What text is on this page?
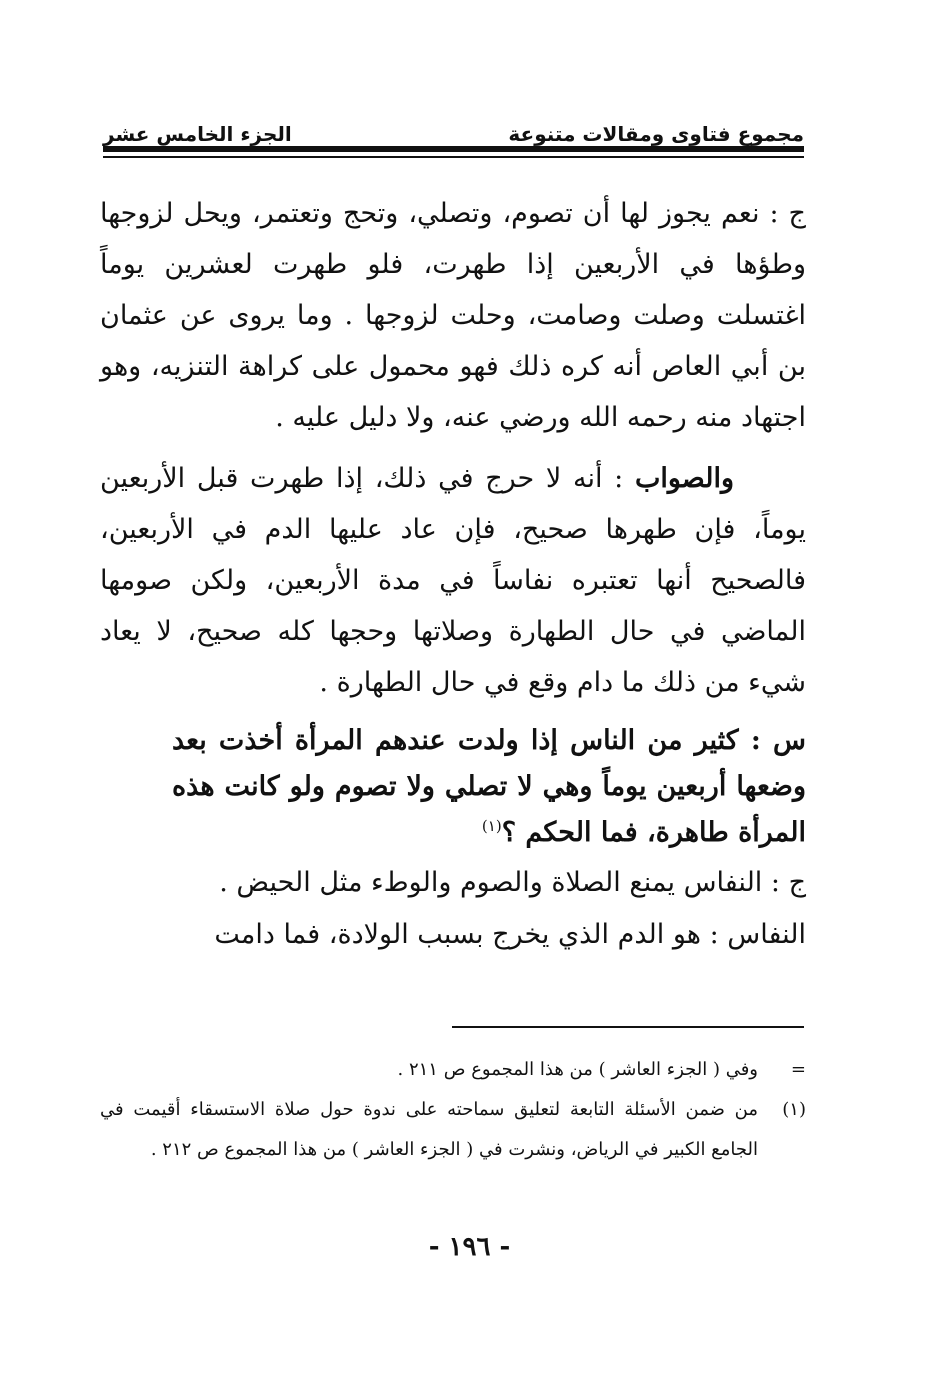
مجموع فتاوى ومقالات متنوعة
الجزء الخامس عشر

ج : نعم يجوز لها أن تصوم، وتصلي، وتحج وتعتمر، ويحل لزوجها وطؤها في الأربعين إذا طهرت، فلو طهرت لعشرين يوماً اغتسلت وصلت وصامت، وحلت لزوجها . وما يروى عن عثمان بن أبي العاص أنه كره ذلك فهو محمول على كراهة التنزيه، وهو اجتهاد منه رحمه الله ورضي عنه، ولا دليل عليه .

والصواب : أنه لا حرج في ذلك، إذا طهرت قبل الأربعين يوماً، فإن طهرها صحيح، فإن عاد عليها الدم في الأربعين، فالصحيح أنها تعتبره نفاساً في مدة الأربعين، ولكن صومها الماضي في حال الطهارة وصلاتها وحجها كله صحيح، لا يعاد شيء من ذلك ما دام وقع في حال الطهارة .

س : كثير من الناس إذا ولدت عندهم المرأة أخذت بعد وضعها أربعين يوماً وهي لا تصلي ولا تصوم ولو كانت هذه المرأة طاهرة، فما الحكم ؟$^{(١)}$

ج : النفاس يمنع الصلاة والصوم والوطء مثل الحيض .

النفاس : هو الدم الذي يخرج بسبب الولادة، فما دامت

=
وفي ( الجزء العاشر ) من هذا المجموع ص ٢١١ .
(١)
من ضمن الأسئلة التابعة لتعليق سماحته على ندوة حول صلاة الاستسقاء أقيمت في الجامع الكبير في الرياض، ونشرت في ( الجزء العاشر ) من هذا المجموع ص ٢١٢ .
- ١٩٦ -
